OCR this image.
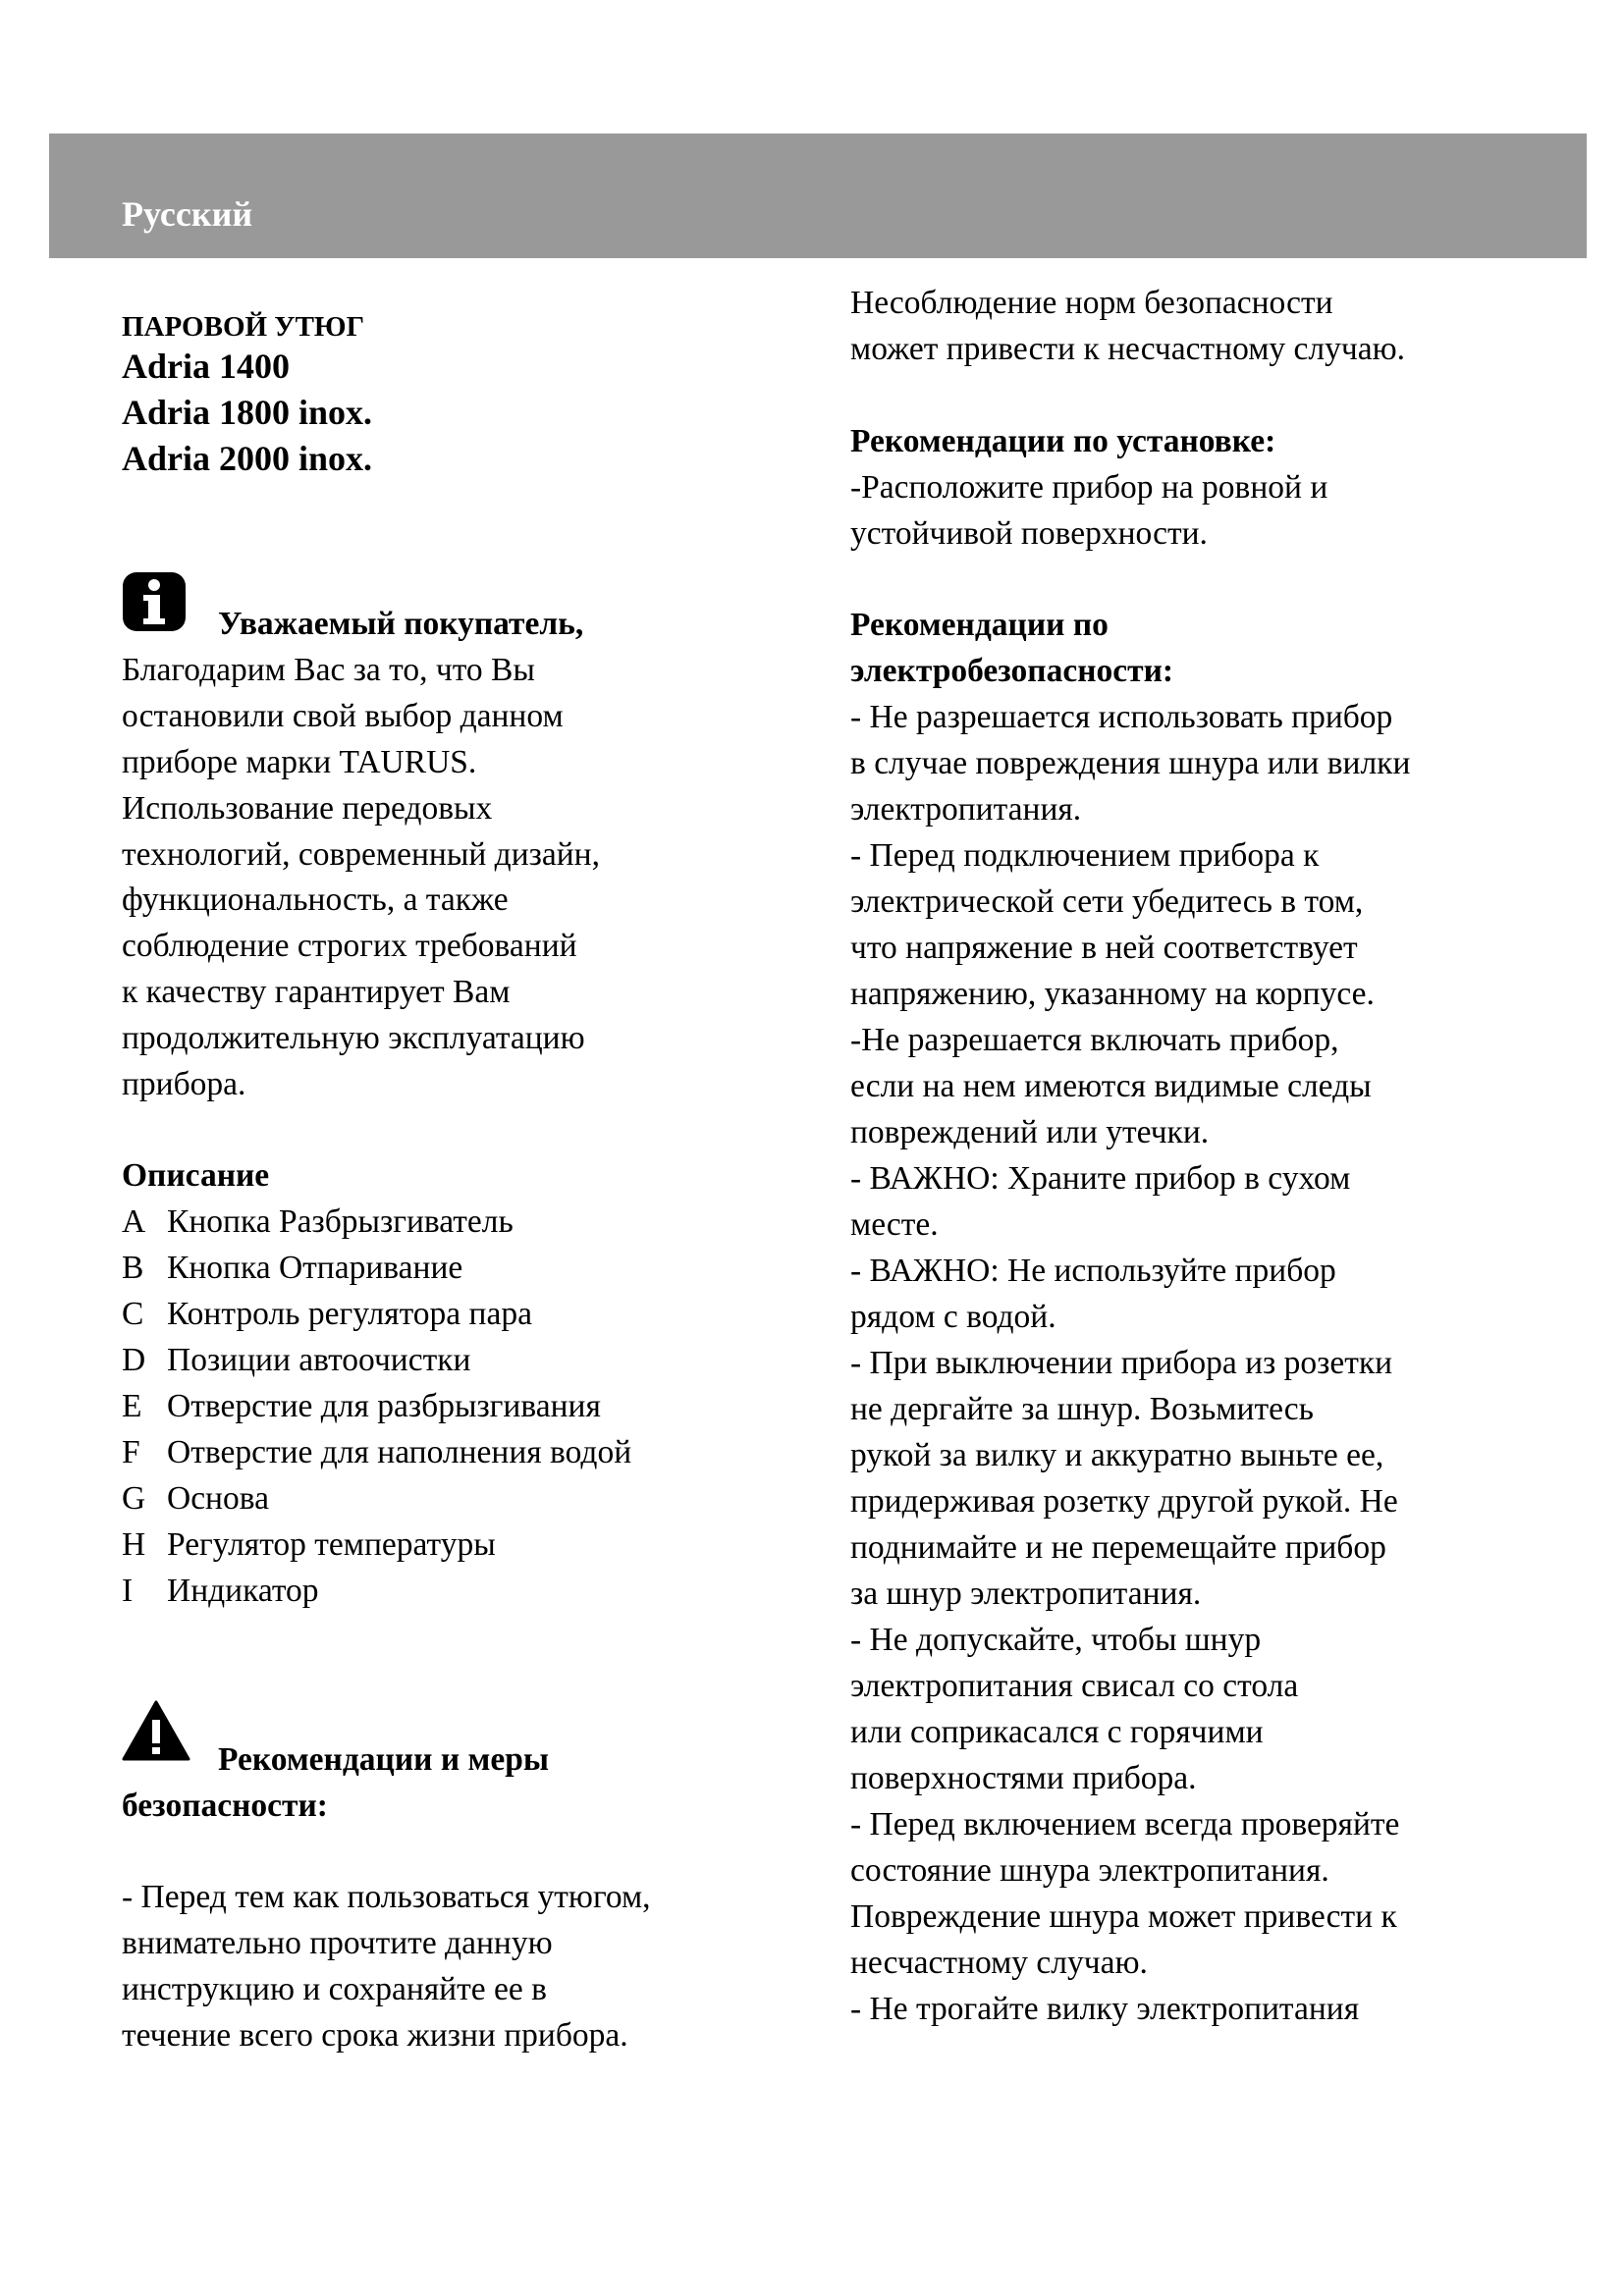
Русский
ПАРОВОЙ УТЮГ
Adria 1400
Adria 1800 inox.
Adria 2000 inox.
Уважаемый покупатель,
Благодарим Вас за то, что Вы
остановили свой выбор данном
приборе марки TAURUS.
Использование передовых
технологий, современный дизайн,
функциональность, а также
соблюдение строгих требований
к качеству гарантирует Вам
продолжительную эксплуатацию
прибора.
Описание
A Кнопка Разбрызгиватель
B Кнопка Отпаривание
C Контроль регулятора пара
D Позиции автоочистки
E Отверстие для разбрызгивания
F Отверстие для наполнения водой
G Основа
H Регулятор температуры
I Индикатор
Рекомендации и меры
безопасности:
- Перед тем как пользоваться утюгом,
внимательно прочтите данную
инструкцию и сохраняйте ее в
течение всего срока жизни прибора.
Несоблюдение норм безопасности
может привести к несчастному случаю.
Рекомендации по установке:
-Расположите прибор на ровной и
устойчивой поверхности.
Рекомендации по
электробезопасности:
- Не разрешается использовать прибор
в случае повреждения шнура или вилки
электропитания.
- Перед подключением прибора к
электрической сети убедитесь в том,
что напряжение в ней соответствует
напряжению, указанному на корпусе.
-Не разрешается включать прибор,
если на нем имеются видимые следы
повреждений или утечки.
- ВАЖНО: Храните прибор в сухом
месте.
- ВАЖНО: Не используйте прибор
рядом с водой.
- При выключении прибора из розетки
не дергайте за шнур. Возьмитесь
рукой за вилку и аккуратно выньте ее,
придерживая розетку другой рукой. Не
поднимайте и не перемещайте прибор
за шнур электропитания.
- Не допускайте, чтобы шнур
электропитания свисал со стола
или соприкасался с горячими
поверхностями прибора.
- Перед включением всегда проверяйте
состояние шнура электропитания.
Повреждение шнура может привести к
несчастному случаю.
- Не трогайте вилку электропитания
